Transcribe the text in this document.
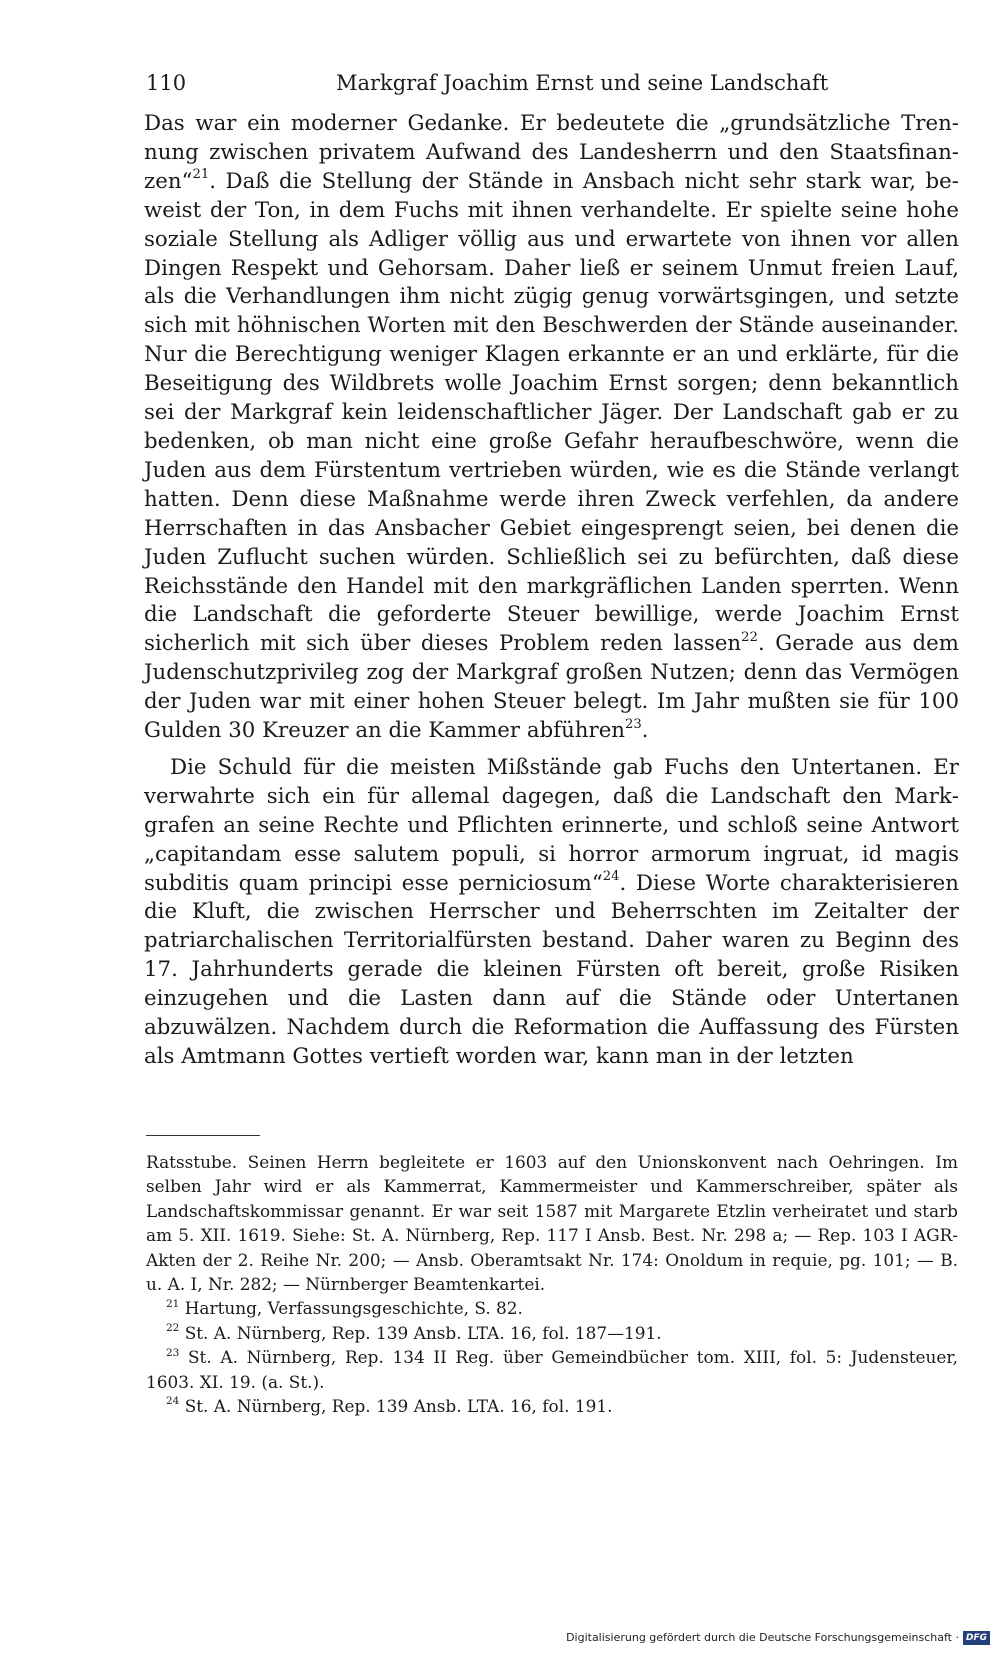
110	Markgraf Joachim Ernst und seine Landschaft

Das war ein moderner Gedanke. Er bedeutete die „grundsätzliche Trennung zwischen privatem Aufwand des Landesherrn und den Staatsfinanzen“$^{21}$. Daß die Stellung der Stände in Ansbach nicht sehr stark war, beweist der Ton, in dem Fuchs mit ihnen verhandelte. Er spielte seine hohe soziale Stellung als Adliger völlig aus und erwartete von ihnen vor allen Dingen Respekt und Gehorsam. Daher ließ er seinem Unmut freien Lauf, als die Verhandlungen ihm nicht zügig genug vorwärtsgingen, und setzte sich mit höhnischen Worten mit den Beschwerden der Stände auseinander. Nur die Berechtigung weniger Klagen erkannte er an und erklärte, für die Beseitigung des Wildbrets wolle Joachim Ernst sorgen; denn bekanntlich sei der Markgraf kein leidenschaftlicher Jäger. Der Landschaft gab er zu bedenken, ob man nicht eine große Gefahr heraufbeschwöre, wenn die Juden aus dem Fürstentum vertrieben würden, wie es die Stände verlangt hatten. Denn diese Maßnahme werde ihren Zweck verfehlen, da andere Herrschaften in das Ansbacher Gebiet eingesprengt seien, bei denen die Juden Zuflucht suchen würden. Schließlich sei zu befürchten, daß diese Reichsstände den Handel mit den markgräflichen Landen sperrten. Wenn die Landschaft die geforderte Steuer bewillige, werde Joachim Ernst sicherlich mit sich über dieses Problem reden lassen$^{22}$. Gerade aus dem Judenschutzprivileg zog der Markgraf großen Nutzen; denn das Vermögen der Juden war mit einer hohen Steuer belegt. Im Jahr mußten sie für 100 Gulden 30 Kreuzer an die Kammer abführen$^{23}$.

Die Schuld für die meisten Mißstände gab Fuchs den Untertanen. Er verwahrte sich ein für allemal dagegen, daß die Landschaft den Markgrafen an seine Rechte und Pflichten erinnerte, und schloß seine Antwort „capitandam esse salutem populi, si horror armorum ingruat, id magis subditis quam principi esse perniciosum“$^{24}$. Diese Worte charakterisieren die Kluft, die zwischen Herrscher und Beherrschten im Zeitalter der patriarchalischen Territorialfürsten bestand. Daher waren zu Beginn des 17. Jahrhunderts gerade die kleinen Fürsten oft bereit, große Risiken einzugehen und die Lasten dann auf die Stände oder Untertanen abzuwälzen. Nachdem durch die Reformation die Auffassung des Fürsten als Amtmann Gottes vertieft worden war, kann man in der letzten

Ratsstube. Seinen Herrn begleitete er 1603 auf den Unionskonvent nach Oehringen. Im selben Jahr wird er als Kammerrat, Kammermeister und Kammerschreiber, später als Landschaftskommissar genannt. Er war seit 1587 mit Margarete Etzlin verheiratet und starb am 5. XII. 1619. Siehe: St. A. Nürnberg, Rep. 117 I Ansb. Best. Nr. 298 a; — Rep. 103 I AGR-Akten der 2. Reihe Nr. 200; — Ansb. Oberamtsakt Nr. 174: Onoldum in requie, pg. 101; — B. u. A. I, Nr. 282; — Nürnberger Beamtenkartei.

$^{21}$ Hartung, Verfassungsgeschichte, S. 82.

$^{22}$ St. A. Nürnberg, Rep. 139 Ansb. LTA. 16, fol. 187—191.

$^{23}$ St. A. Nürnberg, Rep. 134 II Reg. über Gemeindbücher tom. XIII, fol. 5: Judensteuer, 1603. XI. 19. (a. St.).

$^{24}$ St. A. Nürnberg, Rep. 139 Ansb. LTA. 16, fol. 191.

Digitalisierung gefördert durch die Deutsche Forschungsgemeinschaft · DFG
